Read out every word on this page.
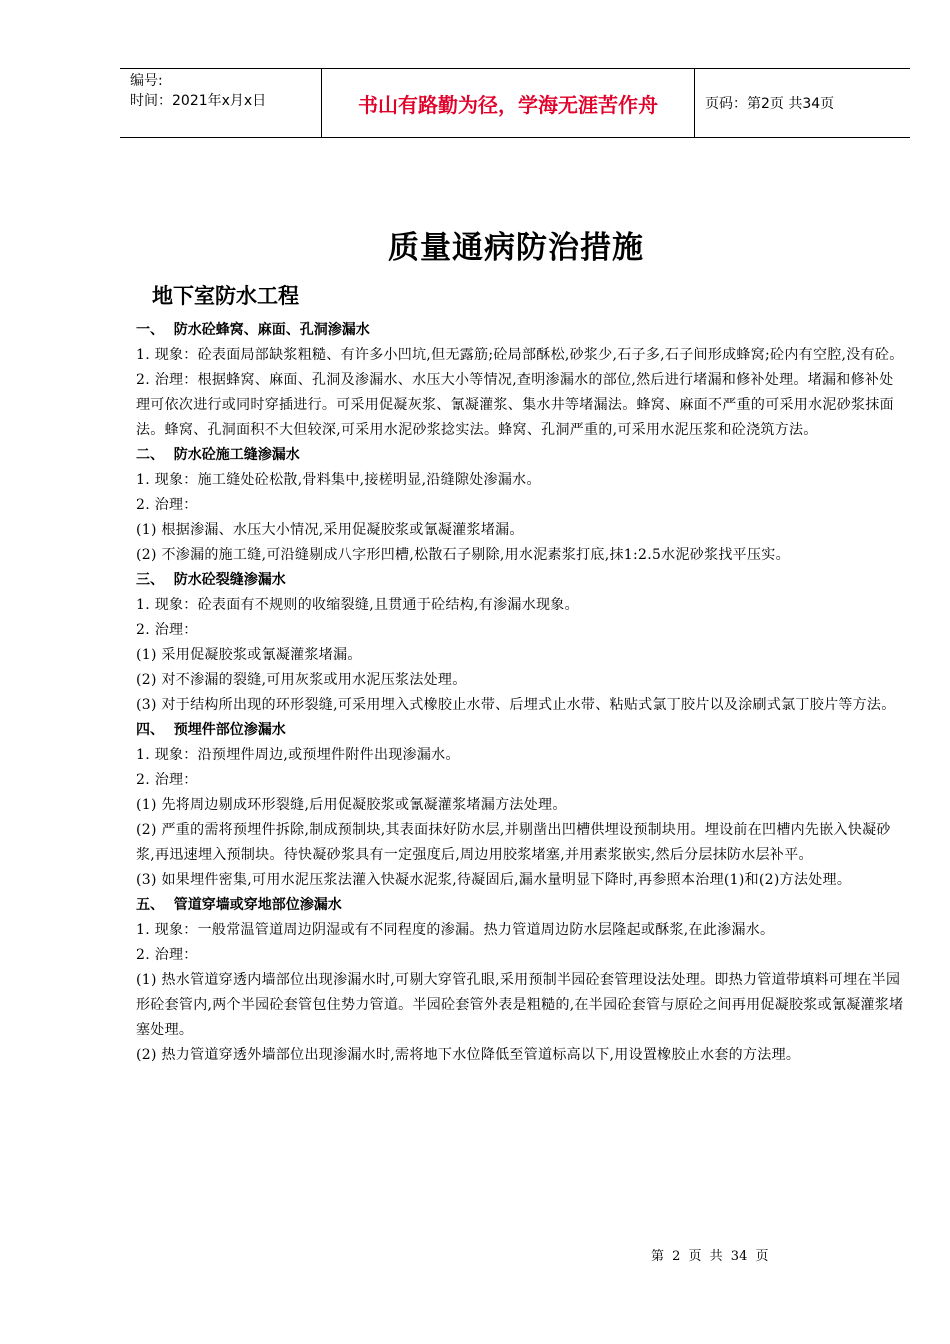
编号:
时间：2021年x月x日	书山有路勤为径，学海无涯苦作舟	页码：第2页 共34页
质量通病防治措施
地下室防水工程
一、  防水砼蜂窝、麻面、孔洞渗漏水
1. 现象：砼表面局部缺浆粗糙、有许多小凹坑,但无露筋;砼局部酥松,砂浆少,石子多,石子间形成蜂窝;砼内有空腔,没有砼。
2. 治理：根据蜂窝、麻面、孔洞及渗漏水、水压大小等情况,查明渗漏水的部位,然后进行堵漏和修补处理。堵漏和修补处理可依次进行或同时穿插进行。可采用促凝灰浆、氰凝灌浆、集水井等堵漏法。蜂窝、麻面不严重的可采用水泥砂浆抹面法。蜂窝、孔洞面积不大但较深,可采用水泥砂浆捻实法。蜂窝、孔洞严重的,可采用水泥压浆和砼浇筑方法。
二、  防水砼施工缝渗漏水
1. 现象：施工缝处砼松散,骨料集中,接槎明显,沿缝隙处渗漏水。
2. 治理：
(1) 根据渗漏、水压大小情况,采用促凝胶浆或氰凝灌浆堵漏。
(2) 不渗漏的施工缝,可沿缝剔成八字形凹槽,松散石子剔除,用水泥素浆打底,抹1:2.5水泥砂浆找平压实。
三、  防水砼裂缝渗漏水
1. 现象：砼表面有不规则的收缩裂缝,且贯通于砼结构,有渗漏水现象。
2. 治理：
(1) 采用促凝胶浆或氰凝灌浆堵漏。
(2) 对不渗漏的裂缝,可用灰浆或用水泥压浆法处理。
(3) 对于结构所出现的环形裂缝,可采用埋入式橡胶止水带、后埋式止水带、粘贴式氯丁胶片以及涂刷式氯丁胶片等方法。
四、  预埋件部位渗漏水
1. 现象：沿预埋件周边,或预埋件附件出现渗漏水。
2. 治理：
(1) 先将周边剔成环形裂缝,后用促凝胶浆或氰凝灌浆堵漏方法处理。
(2) 严重的需将预埋件拆除,制成预制块,其表面抹好防水层,并剔凿出凹槽供埋设预制块用。埋设前在凹槽内先嵌入快凝砂浆,再迅速埋入预制块。待快凝砂浆具有一定强度后,周边用胶浆堵塞,并用素浆嵌实,然后分层抹防水层补平。
(3) 如果埋件密集,可用水泥压浆法灌入快凝水泥浆,待凝固后,漏水量明显下降时,再参照本治理(1)和(2)方法处理。
五、  管道穿墙或穿地部位渗漏水
1. 现象：一般常温管道周边阴湿或有不同程度的渗漏。热力管道周边防水层隆起或酥浆,在此渗漏水。
2. 治理：
(1) 热水管道穿透内墙部位出现渗漏水时,可剔大穿管孔眼,采用预制半园砼套管理设法处理。即热力管道带填料可埋在半园形砼套管内,两个半园砼套管包住势力管道。半园砼套管外表是粗糙的,在半园砼套管与原砼之间再用促凝胶浆或氰凝灌浆堵塞处理。
(2) 热力管道穿透外墙部位出现渗漏水时,需将地下水位降低至管道标高以下,用设置橡胶止水套的方法理。
第 2 页 共 34 页
